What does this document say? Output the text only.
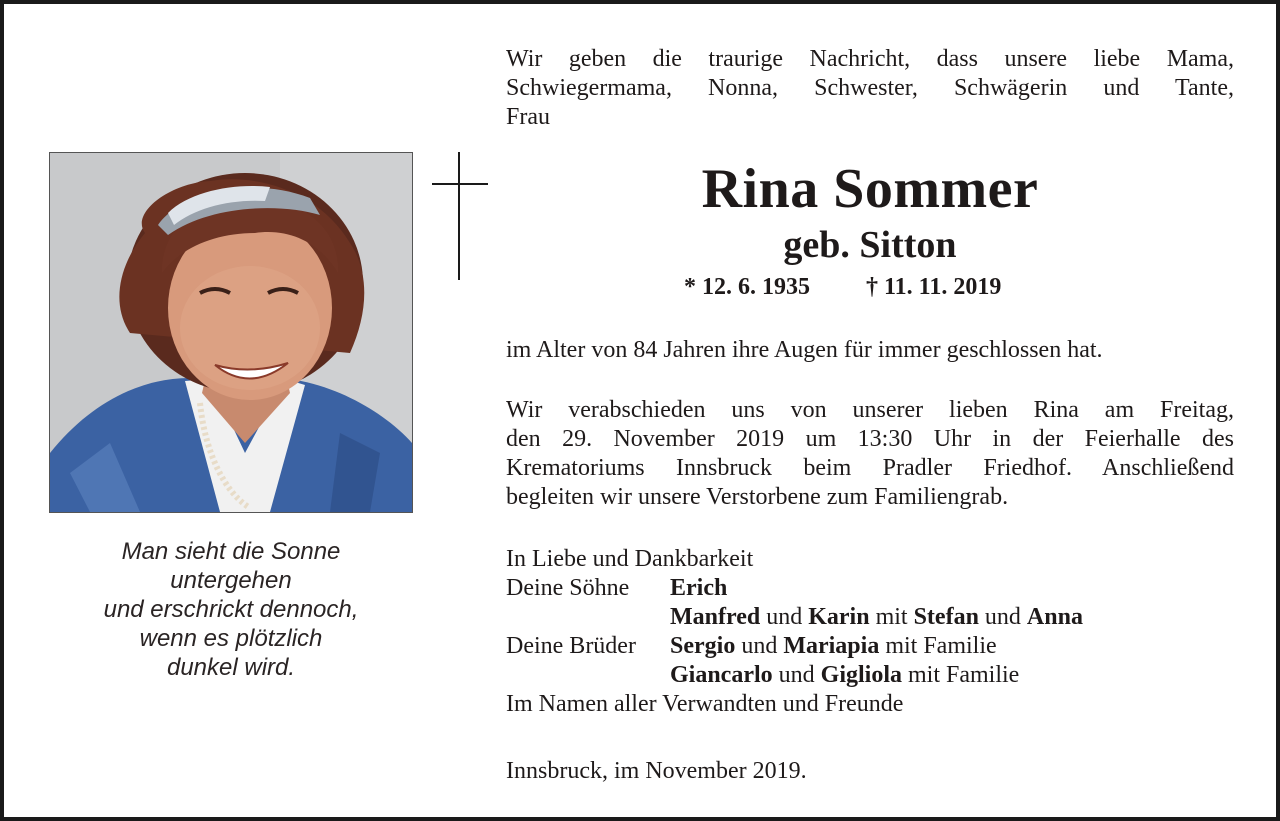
Man sieht die Sonne
untergehen
und erschrickt dennoch,
wenn es plötzlich
dunkel wird.
Wir geben die traurige Nachricht, dass unsere liebe Mama,
Schwiegermama, Nonna, Schwester, Schwägerin und Tante,
Frau
Rina Sommer
geb. Sitton
* 12. 6. 1935 † 11. 11. 2019
im Alter von 84 Jahren ihre Augen für immer geschlossen hat.
Wir verabschieden uns von unserer lieben Rina am Freitag,
den 29. November 2019 um 13:30 Uhr in der Feierhalle des
Krematoriums Innsbruck beim Pradler Friedhof. Anschließend
begleiten wir unsere Verstorbene zum Familiengrab.
In Liebe und Dankbarkeit
Deine Söhne Erich
Manfred und Karin mit Stefan und Anna
Deine Brüder Sergio und Mariapia mit Familie
Giancarlo und Gigliola mit Familie
Im Namen aller Verwandten und Freunde
Innsbruck, im November 2019.
